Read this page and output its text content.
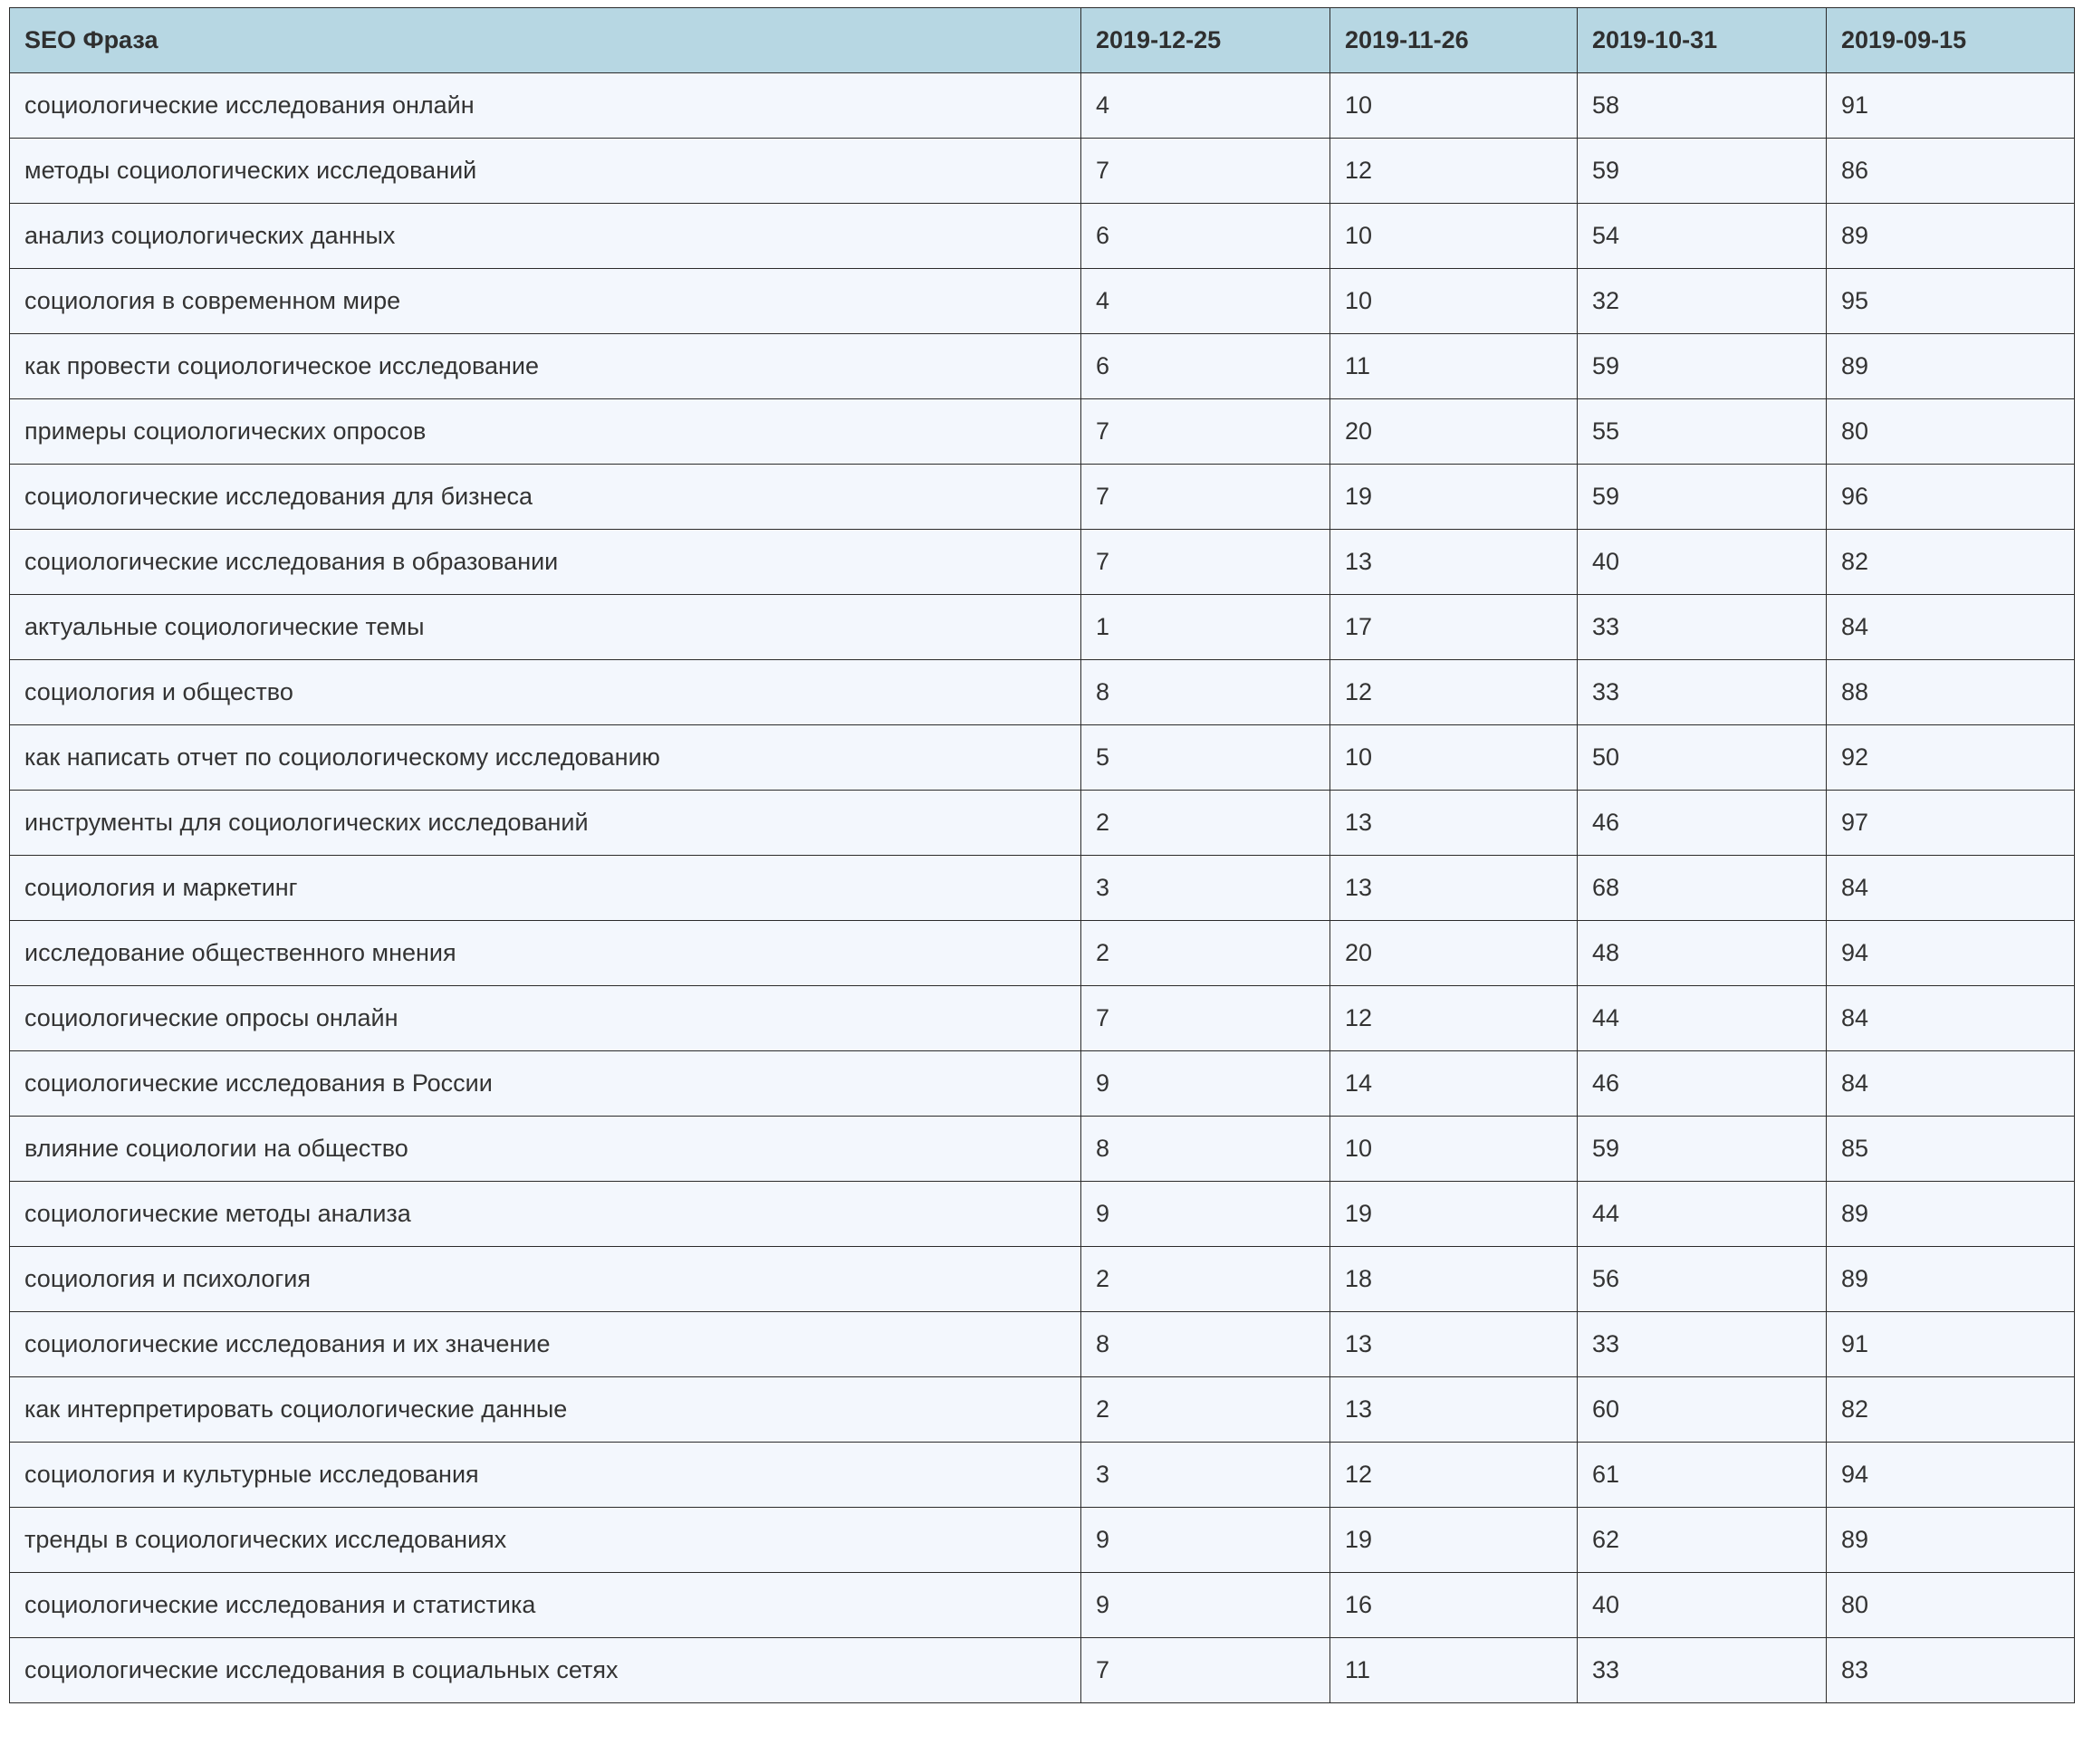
SEO Фраза	2019-12-25	2019-11-26	2019-10-31	2019-09-15
социологические исследования онлайн	4	10	58	91
методы социологических исследований	7	12	59	86
анализ социологических данных	6	10	54	89
социология в современном мире	4	10	32	95
как провести социологическое исследование	6	11	59	89
примеры социологических опросов	7	20	55	80
социологические исследования для бизнеса	7	19	59	96
социологические исследования в образовании	7	13	40	82
актуальные социологические темы	1	17	33	84
социология и общество	8	12	33	88
как написать отчет по социологическому исследованию	5	10	50	92
инструменты для социологических исследований	2	13	46	97
социология и маркетинг	3	13	68	84
исследование общественного мнения	2	20	48	94
социологические опросы онлайн	7	12	44	84
социологические исследования в России	9	14	46	84
влияние социологии на общество	8	10	59	85
социологические методы анализа	9	19	44	89
социология и психология	2	18	56	89
социологические исследования и их значение	8	13	33	91
как интерпретировать социологические данные	2	13	60	82
социология и культурные исследования	3	12	61	94
тренды в социологических исследованиях	9	19	62	89
социологические исследования и статистика	9	16	40	80
социологические исследования в социальных сетях	7	11	33	83
